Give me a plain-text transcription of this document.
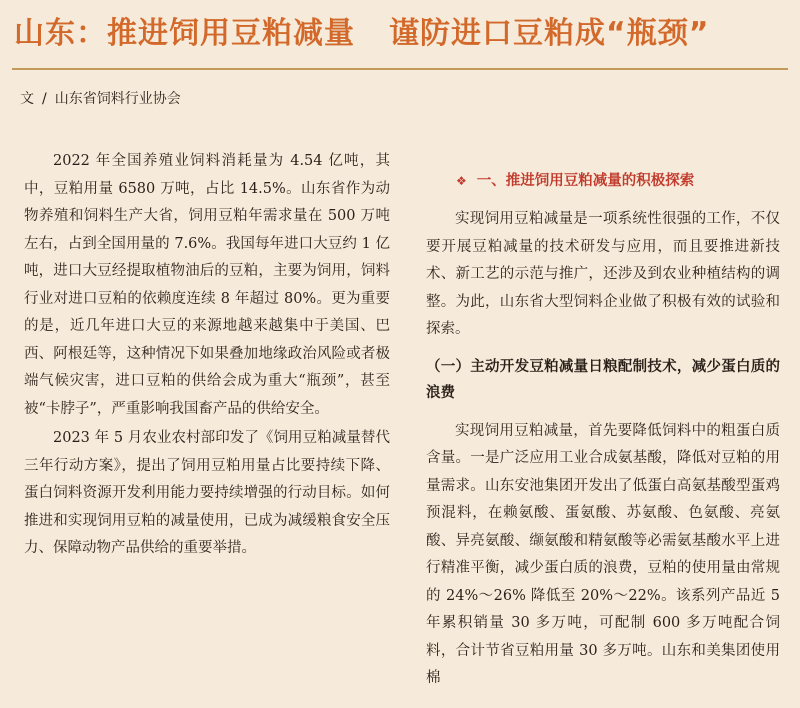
山东：推进饲用豆粕减量 谨防进口豆粕成“瓶颈”
文 / 山东省饲料行业协会

2022 年全国养殖业饲料消耗量为 4.54 亿吨，其中，豆粕用量 6580 万吨，占比 14.5%。山东省作为动物养殖和饲料生产大省，饲用豆粕年需求量在 500 万吨左右，占到全国用量的 7.6%。我国每年进口大豆约 1 亿吨，进口大豆经提取植物油后的豆粕，主要为饲用，饲料行业对进口豆粕的依赖度连续 8 年超过 80%。更为重要的是，近几年进口大豆的来源地越来越集中于美国、巴西、阿根廷等，这种情况下如果叠加地缘政治风险或者极端气候灾害，进口豆粕的供给会成为重大“瓶颈”，甚至被“卡脖子”，严重影响我国畜产品的供给安全。

2023 年 5 月农业农村部印发了《饲用豆粕减量替代三年行动方案》，提出了饲用豆粕用量占比要持续下降、蛋白饲料资源开发利用能力要持续增强的行动目标。如何推进和实现饲用豆粕的减量使用，已成为减缓粮食安全压力、保障动物产品供给的重要举措。

❖ 一、推进饲用豆粕减量的积极探索

实现饲用豆粕减量是一项系统性很强的工作，不仅要开展豆粕减量的技术研发与应用，而且要推进新技术、新工艺的示范与推广，还涉及到农业种植结构的调整。为此，山东省大型饲料企业做了积极有效的试验和探索。

（一）主动开发豆粕减量日粮配制技术，减少蛋白质的浪费

实现饲用豆粕减量，首先要降低饲料中的粗蛋白质含量。一是广泛应用工业合成氨基酸，降低对豆粕的用量需求。山东安池集团开发出了低蛋白高氨基酸型蛋鸡预混料，在赖氨酸、蛋氨酸、苏氨酸、色氨酸、亮氨酸、异亮氨酸、缬氨酸和精氨酸等必需氨基酸水平上进行精准平衡，减少蛋白质的浪费，豆粕的使用量由常规的 24%～26% 降低至 20%～22%。该系列产品近 5 年累积销量 30 多万吨，可配制 600 多万吨配合饲料，合计节省豆粕用量 30 多万吨。山东和美集团使用棉
